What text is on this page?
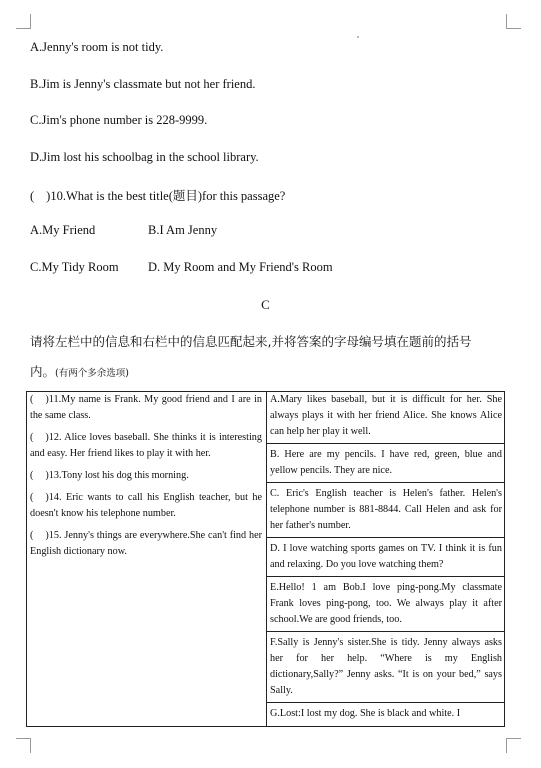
A.Jenny's room is not tidy.
B.Jim is Jenny's classmate but not her friend.
C.Jim's phone number is 228-9999.
D.Jim lost his schoolbag in the school library.
( )10.What is the best title(题目)for this passage?
A.My Friend	B.I Am Jenny
C.My Tidy Room D. My Room and My Friend's Room
C
请将左栏中的信息和右栏中的信息匹配起来,并将答案的字母编号填在题前的括号
内。(有两个多余选项)
( )11.My name is Frank. My good friend and I are in the same class.
( )12. Alice loves baseball. She thinks it is interesting and easy. Her friend likes to play it with her.
( )13.Tony lost his dog this morning.
( )14. Eric wants to call his English teacher, but he doesn't know his telephone number.
( )15. Jenny's things are everywhere.She can't find her English dictionary now.
A.Mary likes baseball, but it is difficult for her. She always plays it with her friend Alice. She knows Alice can help her play it well.
B. Here are my pencils. I have red, green, blue and yellow pencils. They are nice.
C. Eric's English teacher is Helen's father. Helen's telephone number is 881-8844. Call Helen and ask for her father's number.
D. I love watching sports games on TV. I think it is fun and relaxing. Do you love watching them?
E.Hello! 1 am Bob.I love ping-pong.My classmate Frank loves ping-pong, too. We always play it after school.We are good friends, too.
F.Sally is Jenny's sister.She is tidy. Jenny always asks her for her help. “Where is my English dictionary,Sally?” Jenny asks. “It is on your bed,” says Sally.
G.Lost:I lost my dog. She is black and white. I
